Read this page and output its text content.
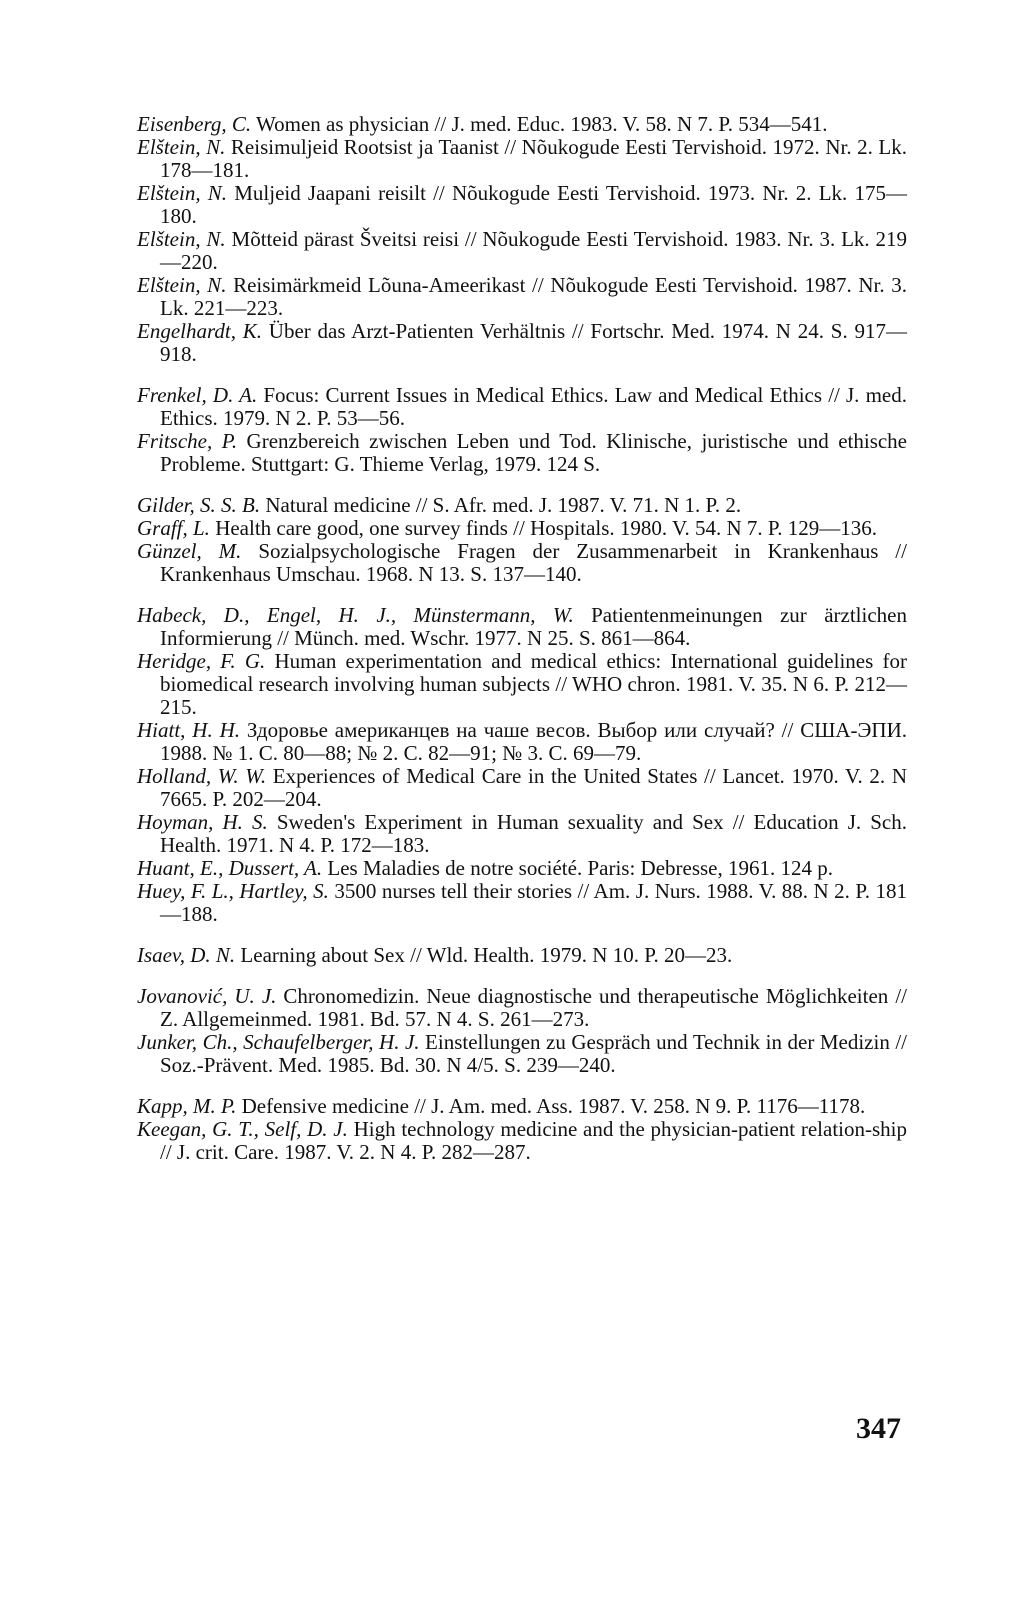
Eisenberg, C. Women as physician // J. med. Educ. 1983. V. 58. N 7. P. 534—541.

Elštein, N. Reisimuljeid Rootsist ja Taanist // Nõukogude Eesti Tervishoid. 1972. Nr. 2. Lk. 178—181.

Elštein, N. Muljeid Jaapani reisilt // Nõukogude Eesti Tervishoid. 1973. Nr. 2. Lk. 175—180.

Elštein, N. Mõtteid pärast Šveitsi reisi // Nõukogude Eesti Tervishoid. 1983. Nr. 3. Lk. 219—220.

Elštein, N. Reisimärkmeid Lõuna-Ameerikast // Nõukogude Eesti Tervishoid. 1987. Nr. 3. Lk. 221—223.

Engelhardt, K. Über das Arzt-Patienten Verhältnis // Fortschr. Med. 1974. N 24. S. 917—918.

Frenkel, D. A. Focus: Current Issues in Medical Ethics. Law and Medical Ethics // J. med. Ethics. 1979. N 2. P. 53—56.

Fritsche, P. Grenzbereich zwischen Leben und Tod. Klinische, juristische und ethische Probleme. Stuttgart: G. Thieme Verlag, 1979. 124 S.

Gilder, S. S. B. Natural medicine // S. Afr. med. J. 1987. V. 71. N 1. P. 2.

Graff, L. Health care good, one survey finds // Hospitals. 1980. V. 54. N 7. P. 129—136.

Günzel, M. Sozialpsychologische Fragen der Zusammenarbeit in Krankenhaus // Krankenhaus Umschau. 1968. N 13. S. 137—140.

Habeck, D., Engel, H. J., Münstermann, W. Patientenmeinungen zur ärztlichen Informierung // Münch. med. Wschr. 1977. N 25. S. 861—864.

Heridge, F. G. Human experimentation and medical ethics: International guidelines for biomedical research involving human subjects // WHO chron. 1981. V. 35. N 6. P. 212—215.

Hiatt, H. H. Здоровье американцев на чаше весов. Выбор или случай? // США-ЭПИ. 1988. № 1. С. 80—88; № 2. С. 82—91; № 3. С. 69—79.

Holland, W. W. Experiences of Medical Care in the United States // Lancet. 1970. V. 2. N 7665. P. 202—204.

Hoyman, H. S. Sweden's Experiment in Human sexuality and Sex // Education J. Sch. Health. 1971. N 4. P. 172—183.

Huant, E., Dussert, A. Les Maladies de notre société. Paris: Debresse, 1961. 124 p.

Huey, F. L., Hartley, S. 3500 nurses tell their stories // Am. J. Nurs. 1988. V. 88. N 2. P. 181—188.

Isaev, D. N. Learning about Sex // Wld. Health. 1979. N 10. P. 20—23.

Jovanović, U. J. Chronomedizin. Neue diagnostische und therapeutische Möglichkeiten // Z. Allgemeinmed. 1981. Bd. 57. N 4. S. 261—273.

Junker, Ch., Schaufelberger, H. J. Einstellungen zu Gespräch und Technik in der Medizin // Soz.-Prävent. Med. 1985. Bd. 30. N 4/5. S. 239—240.

Kapp, M. P. Defensive medicine // J. Am. med. Ass. 1987. V. 258. N 9. P. 1176—1178.

Keegan, G. T., Self, D. J. High technology medicine and the physician-patient relation-ship // J. crit. Care. 1987. V. 2. N 4. P. 282—287.

347
